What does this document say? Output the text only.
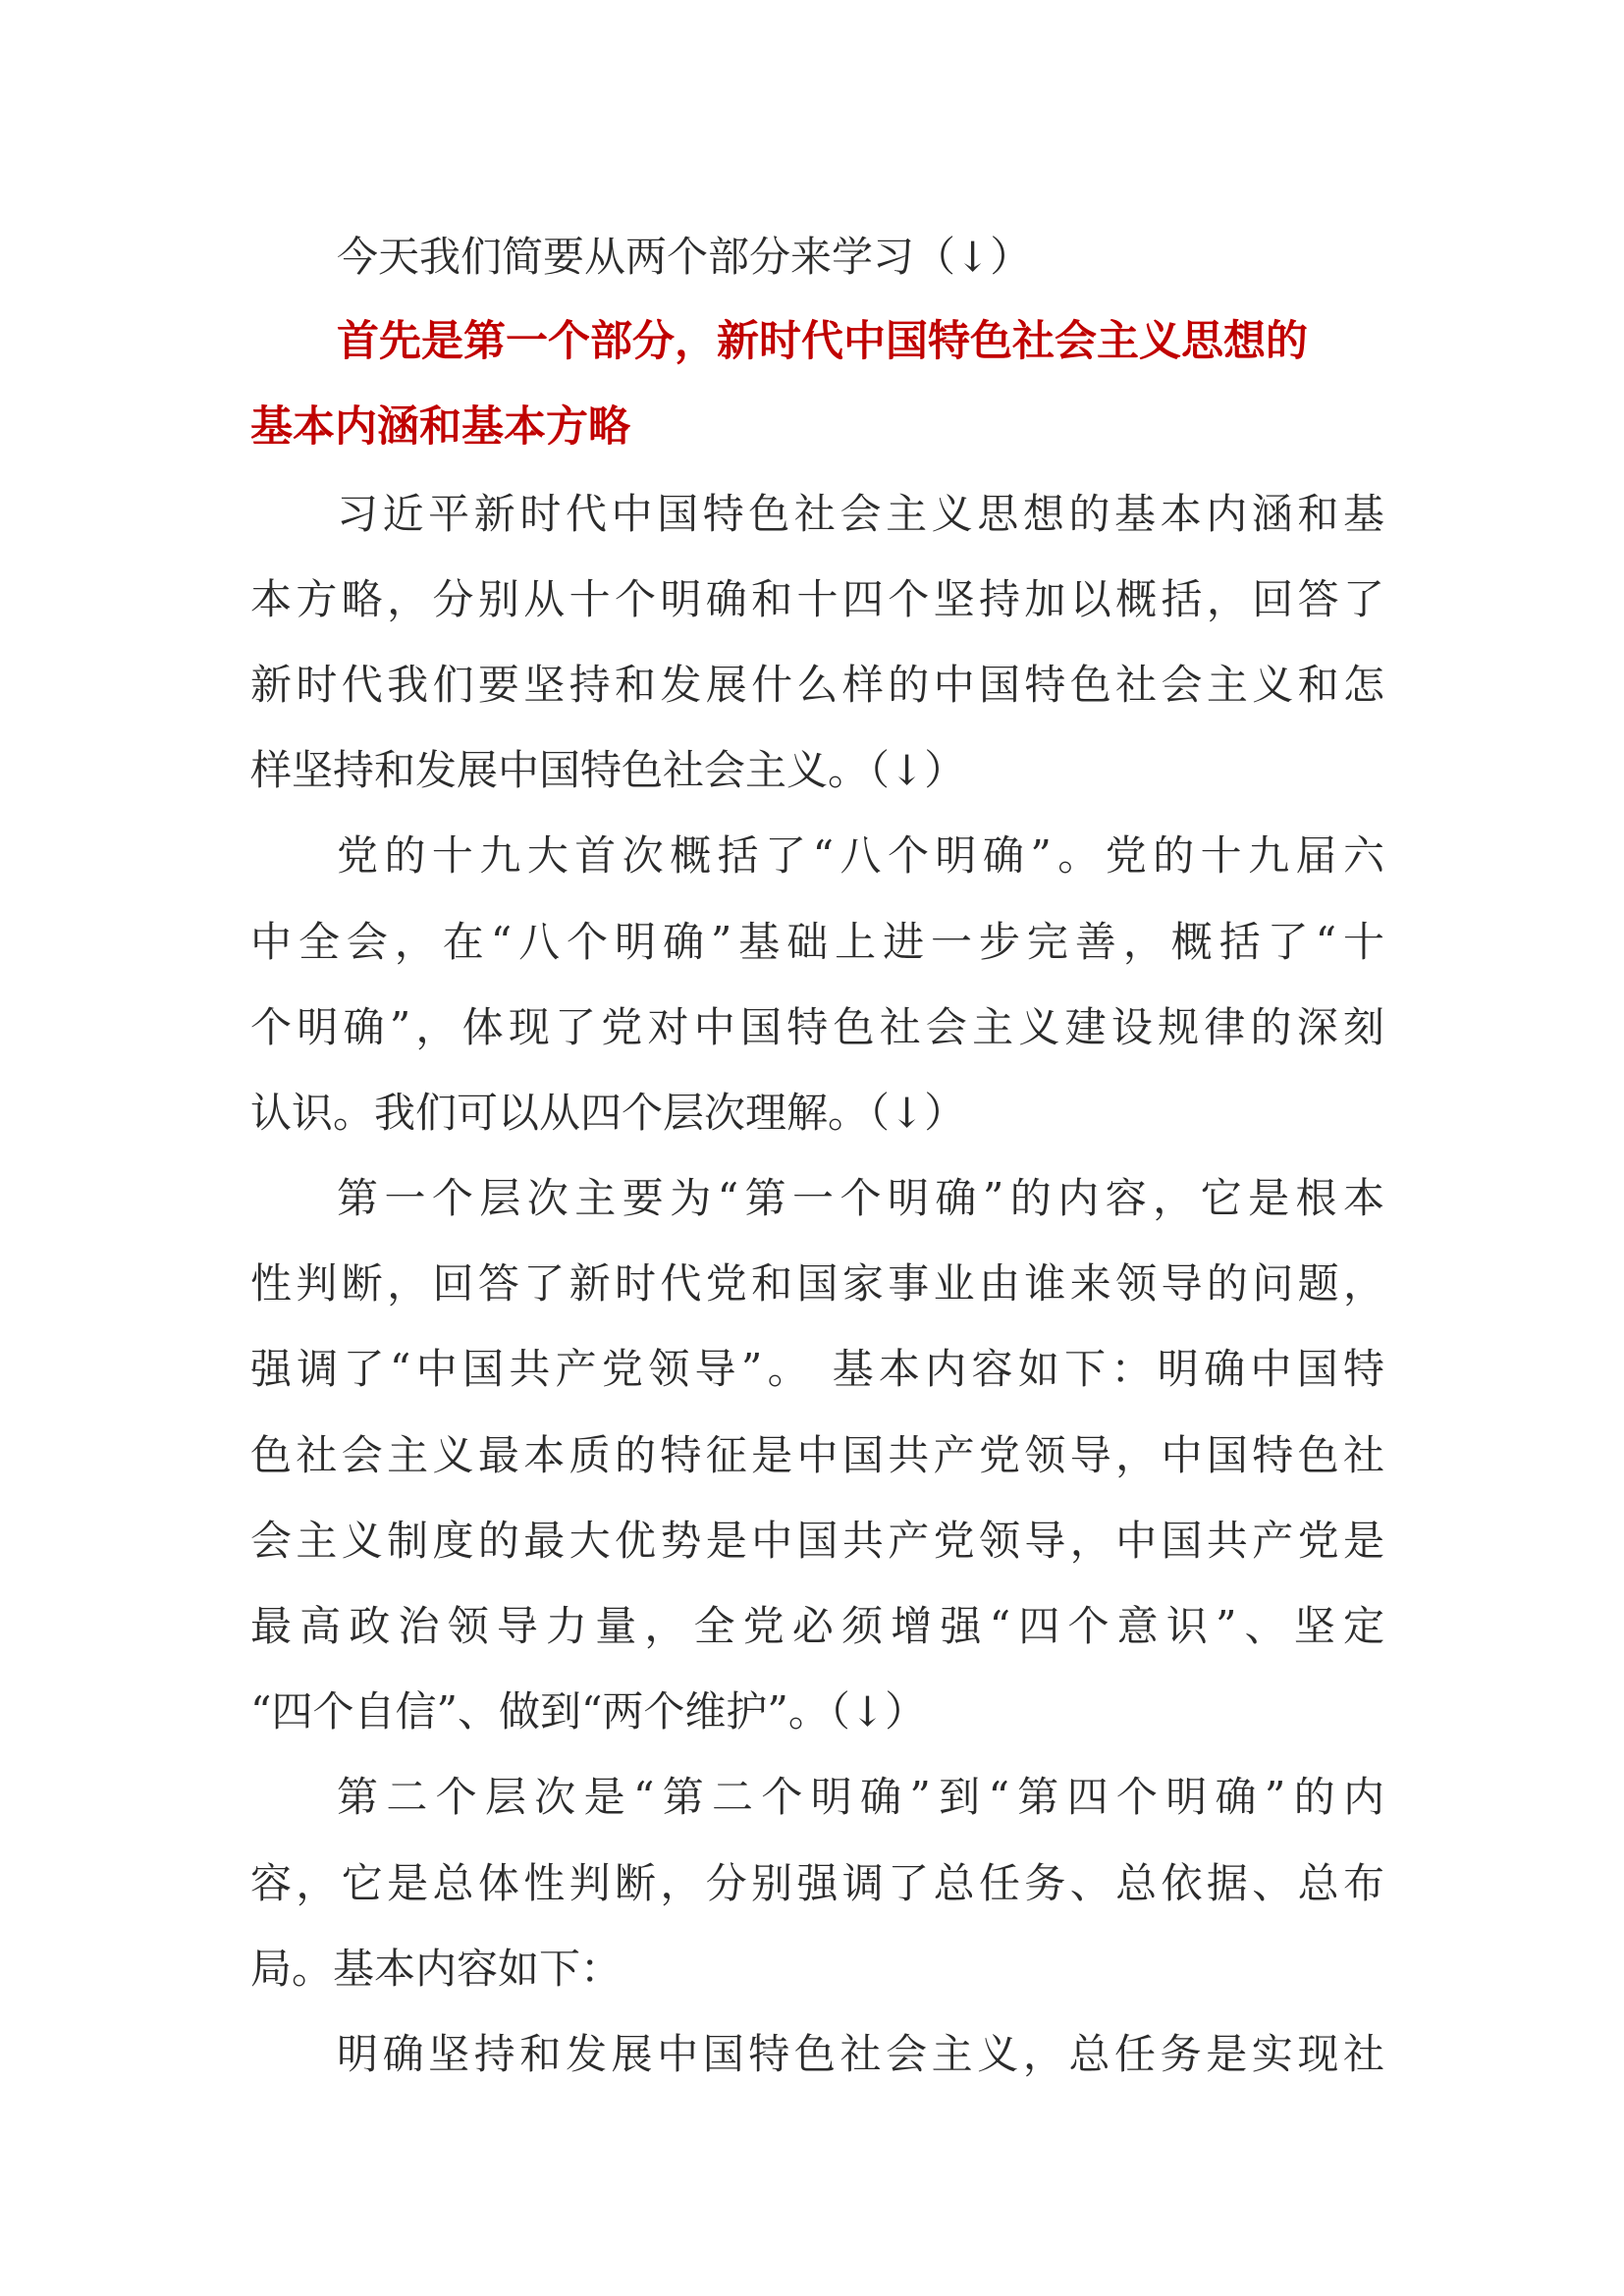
今天我们简要从两个部分来学习（↓）
首先是第一个部分，新时代中国特色社会主义思想的
基本内涵和基本方略
习近平新时代中国特色社会主义思想的基本内涵和基
本方略，分别从十个明确和十四个坚持加以概括，回答了
新时代我们要坚持和发展什么样的中国特色社会主义和怎
样坚持和发展中国特色社会主义。（↓）
党的十九大首次概括了“八个明确”。党的十九届六
中全会，在“八个明确”基础上进一步完善，概括了“十
个明确”，体现了党对中国特色社会主义建设规律的深刻
认识。我们可以从四个层次理解。（↓）
第一个层次主要为“第一个明确”的内容，它是根本
性判断，回答了新时代党和国家事业由谁来领导的问题，
强调了“中国共产党领导”。 基本内容如下：明确中国特
色社会主义最本质的特征是中国共产党领导，中国特色社
会主义制度的最大优势是中国共产党领导，中国共产党是
最高政治领导力量，全党必须增强“四个意识”、坚定
“四个自信”、做到“两个维护”。（↓）
第二个层次是“第二个明确”到“第四个明确”的内
容，它是总体性判断，分别强调了总任务、总依据、总布
局。基本内容如下：
明确坚持和发展中国特色社会主义，总任务是实现社
